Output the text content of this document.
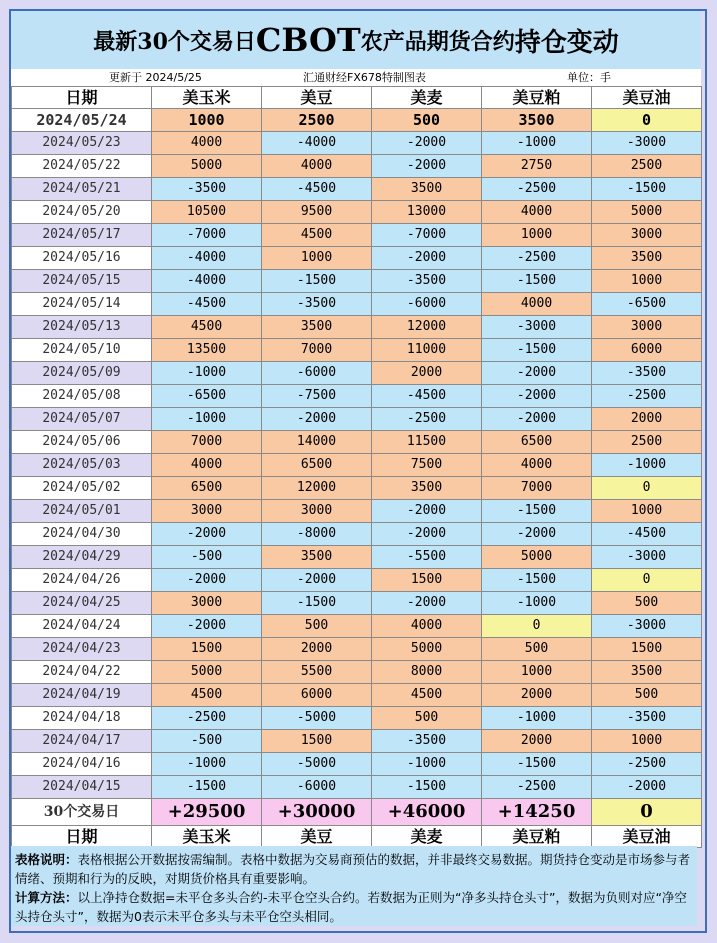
最新30个交易日 CBOT 农产品期货合约 持仓变动
更新于 2024/5/25	汇通财经FX678特制图表	单位：手
日期	美玉米	美豆	美麦	美豆粕	美豆油
2024/05/24	1000	2500	500	3500	0
2024/05/23	4000	-4000	-2000	-1000	-3000
2024/05/22	5000	4000	-2000	2750	2500
2024/05/21	-3500	-4500	3500	-2500	-1500
2024/05/20	10500	9500	13000	4000	5000
2024/05/17	-7000	4500	-7000	1000	3000
2024/05/16	-4000	1000	-2000	-2500	3500
2024/05/15	-4000	-1500	-3500	-1500	1000
2024/05/14	-4500	-3500	-6000	4000	-6500
2024/05/13	4500	3500	12000	-3000	3000
2024/05/10	13500	7000	11000	-1500	6000
2024/05/09	-1000	-6000	2000	-2000	-3500
2024/05/08	-6500	-7500	-4500	-2000	-2500
2024/05/07	-1000	-2000	-2500	-2000	2000
2024/05/06	7000	14000	11500	6500	2500
2024/05/03	4000	6500	7500	4000	-1000
2024/05/02	6500	12000	3500	7000	0
2024/05/01	3000	3000	-2000	-1500	1000
2024/04/30	-2000	-8000	-2000	-2000	-4500
2024/04/29	-500	3500	-5500	5000	-3000
2024/04/26	-2000	-2000	1500	-1500	0
2024/04/25	3000	-1500	-2000	-1000	500
2024/04/24	-2000	500	4000	0	-3000
2024/04/23	1500	2000	5000	500	1500
2024/04/22	5000	5500	8000	1000	3500
2024/04/19	4500	6000	4500	2000	500
2024/04/18	-2500	-5000	500	-1000	-3500
2024/04/17	-500	1500	-3500	2000	1000
2024/04/16	-1000	-5000	-1000	-1500	-2500
2024/04/15	-1500	-6000	-1500	-2500	-2000
30个交易日	+29500	+30000	+46000	+14250	0
日期	美玉米	美豆	美麦	美豆粕	美豆油
表格说明：表格根据公开数据按需编制。表格中数据为交易商预估的数据，并非最终交易数据。期货持仓变动是市场参与者情绪、预期和行为的反映，对期货价格具有重要影响。
计算方法：以上净持仓数据=未平仓多头合约-未平仓空头合约。若数据为正则为“净多头持仓头寸”，数据为负则对应“净空头持仓头寸”，数据为0表示未平仓多头与未平仓空头相同。
